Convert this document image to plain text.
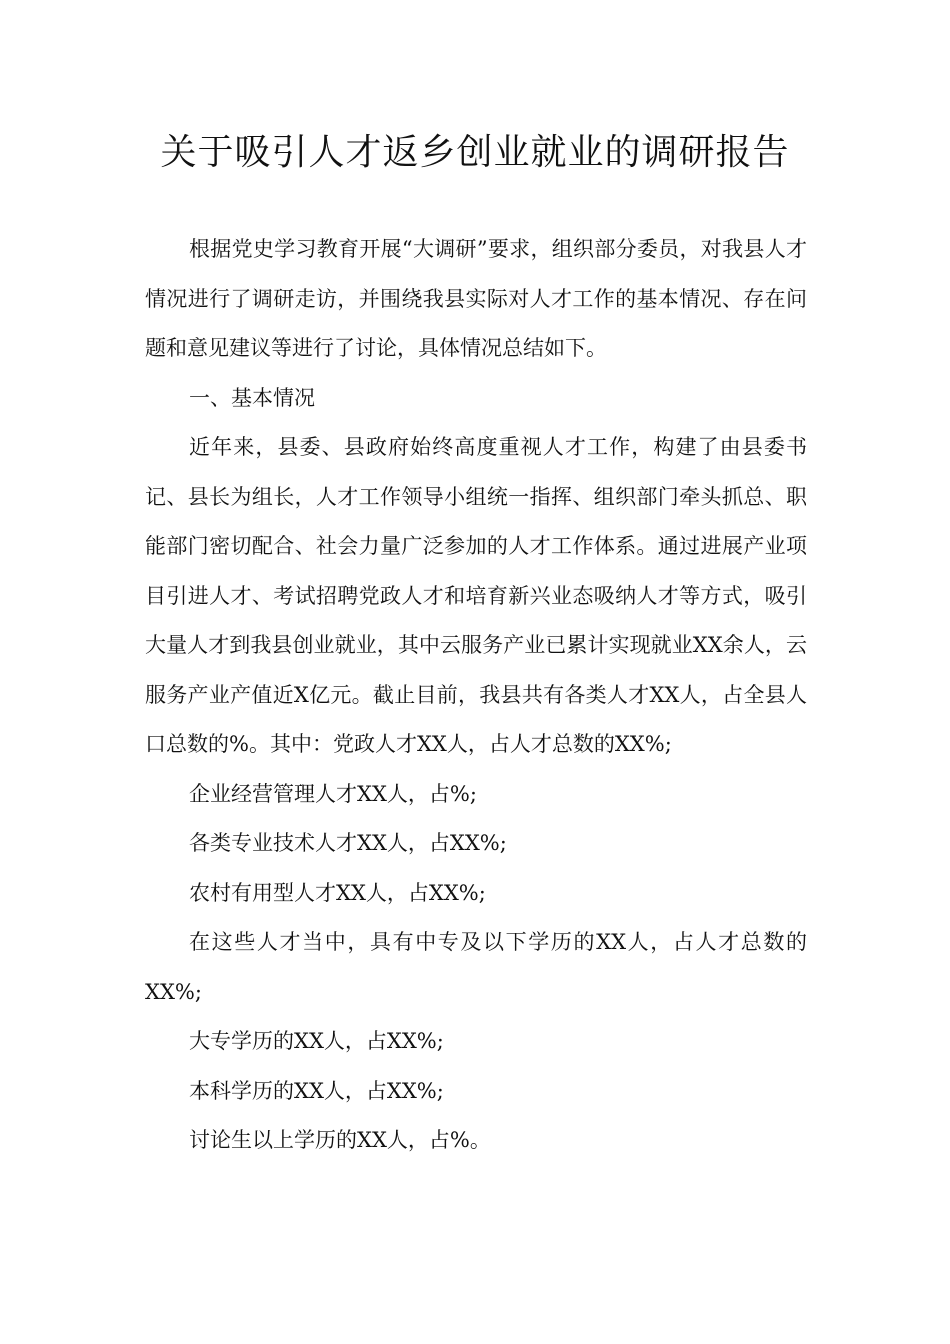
关于吸引人才返乡创业就业的调研报告

根据党史学习教育开展“大调研”要求，组织部分委员，对我县人才情况进行了调研走访，并围绕我县实际对人才工作的基本情况、存在问题和意见建议等进行了讨论，具体情况总结如下。

一、基本情况

近年来，县委、县政府始终高度重视人才工作，构建了由县委书记、县长为组长，人才工作领导小组统一指挥、组织部门牵头抓总、职能部门密切配合、社会力量广泛参加的人才工作体系。通过进展产业项目引进人才、考试招聘党政人才和培育新兴业态吸纳人才等方式，吸引大量人才到我县创业就业，其中云服务产业已累计实现就业XX余人，云服务产业产值近X亿元。截止目前，我县共有各类人才XX人，占全县人口总数的%。其中：党政人才XX人，占人才总数的XX%;

企业经营管理人才XX人，占%;

各类专业技术人才XX人，占XX%;

农村有用型人才XX人，占XX%;

在这些人才当中，具有中专及以下学历的XX人，占人才总数的XX%;

大专学历的XX人，占XX%;

本科学历的XX人，占XX%;

讨论生以上学历的XX人，占%。
